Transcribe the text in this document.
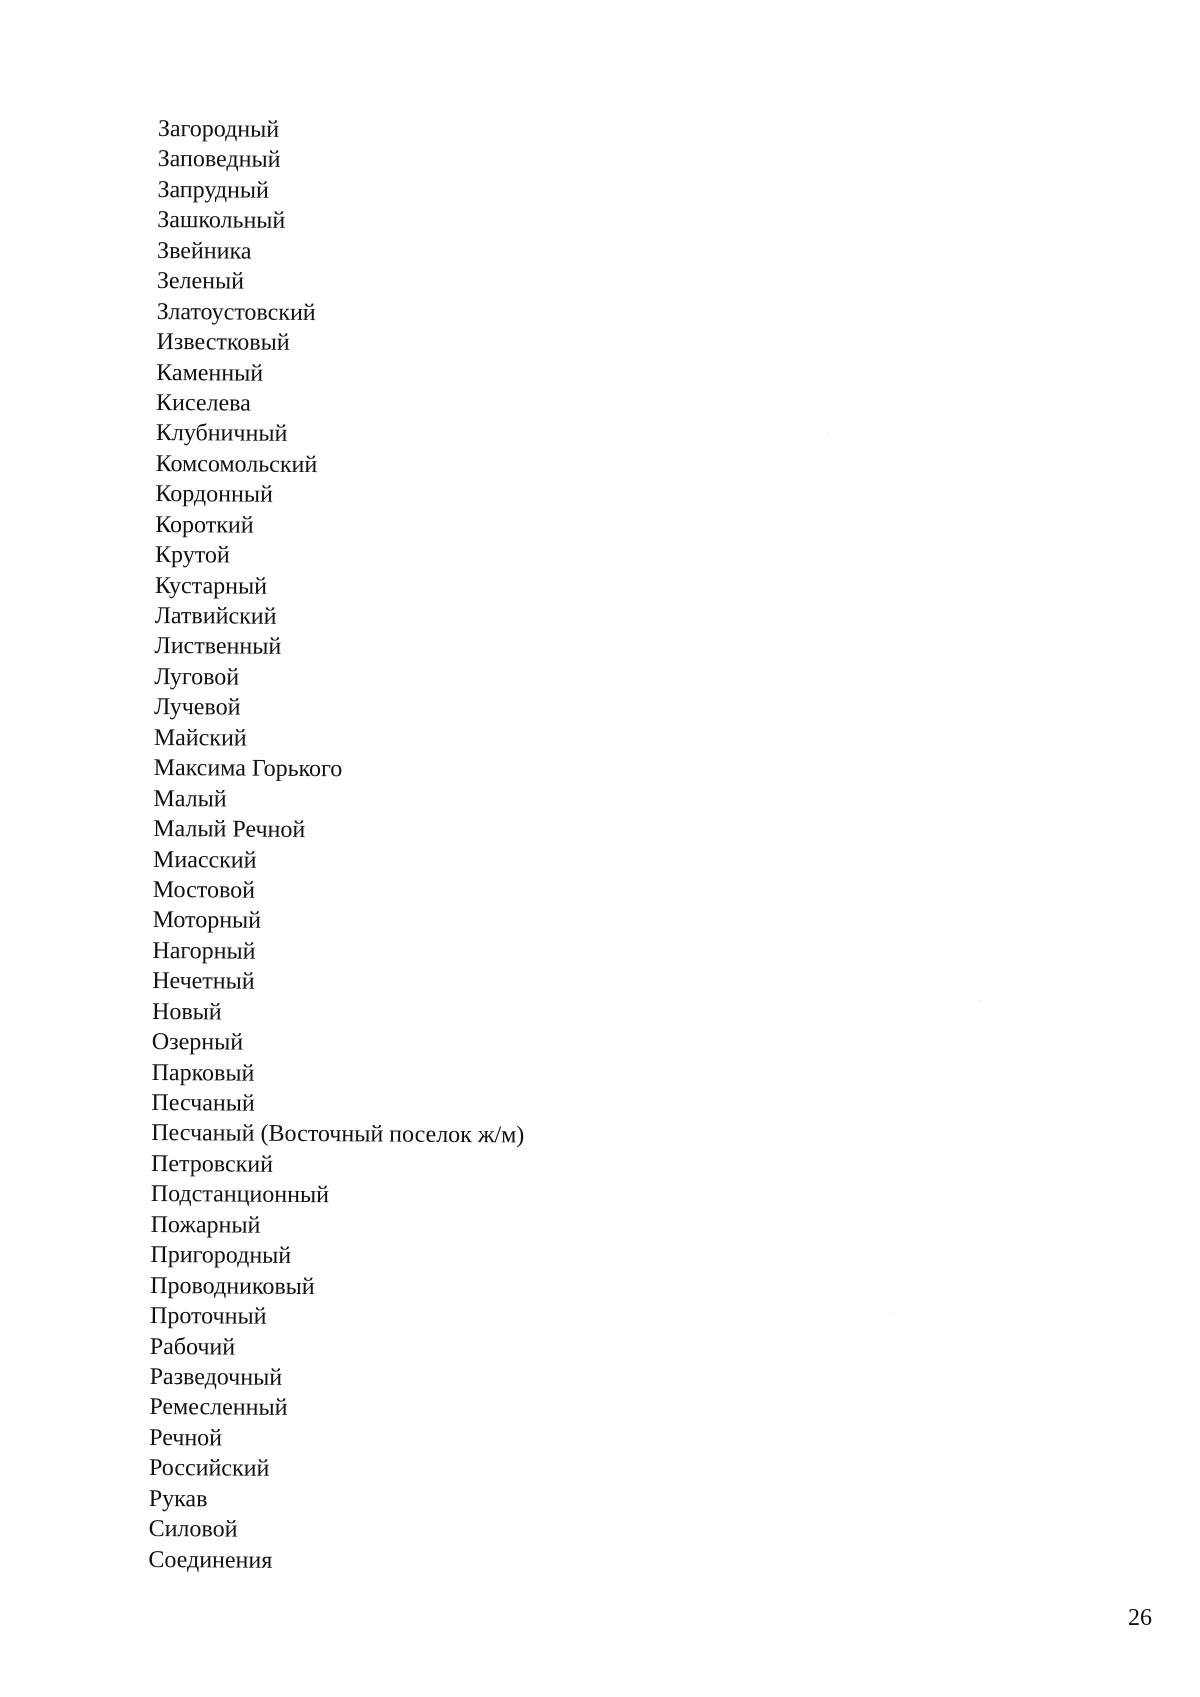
Загородный
Заповедный
Запрудный
Зашкольный
Звейника
Зеленый
Златоустовский
Известковый
Каменный
Киселева
Клубничный
Комсомольский
Кордонный
Короткий
Крутой
Кустарный
Латвийский
Лиственный
Луговой
Лучевой
Майский
Максима Горького
Малый
Малый Речной
Миасский
Мостовой
Моторный
Нагорный
Нечетный
Новый
Озерный
Парковый
Песчаный
Песчаный (Восточный поселок ж/м)
Петровский
Подстанционный
Пожарный
Пригородный
Проводниковый
Проточный
Рабочий
Разведочный
Ремесленный
Речной
Российский
Рукав
Силовой
Соединения
26
